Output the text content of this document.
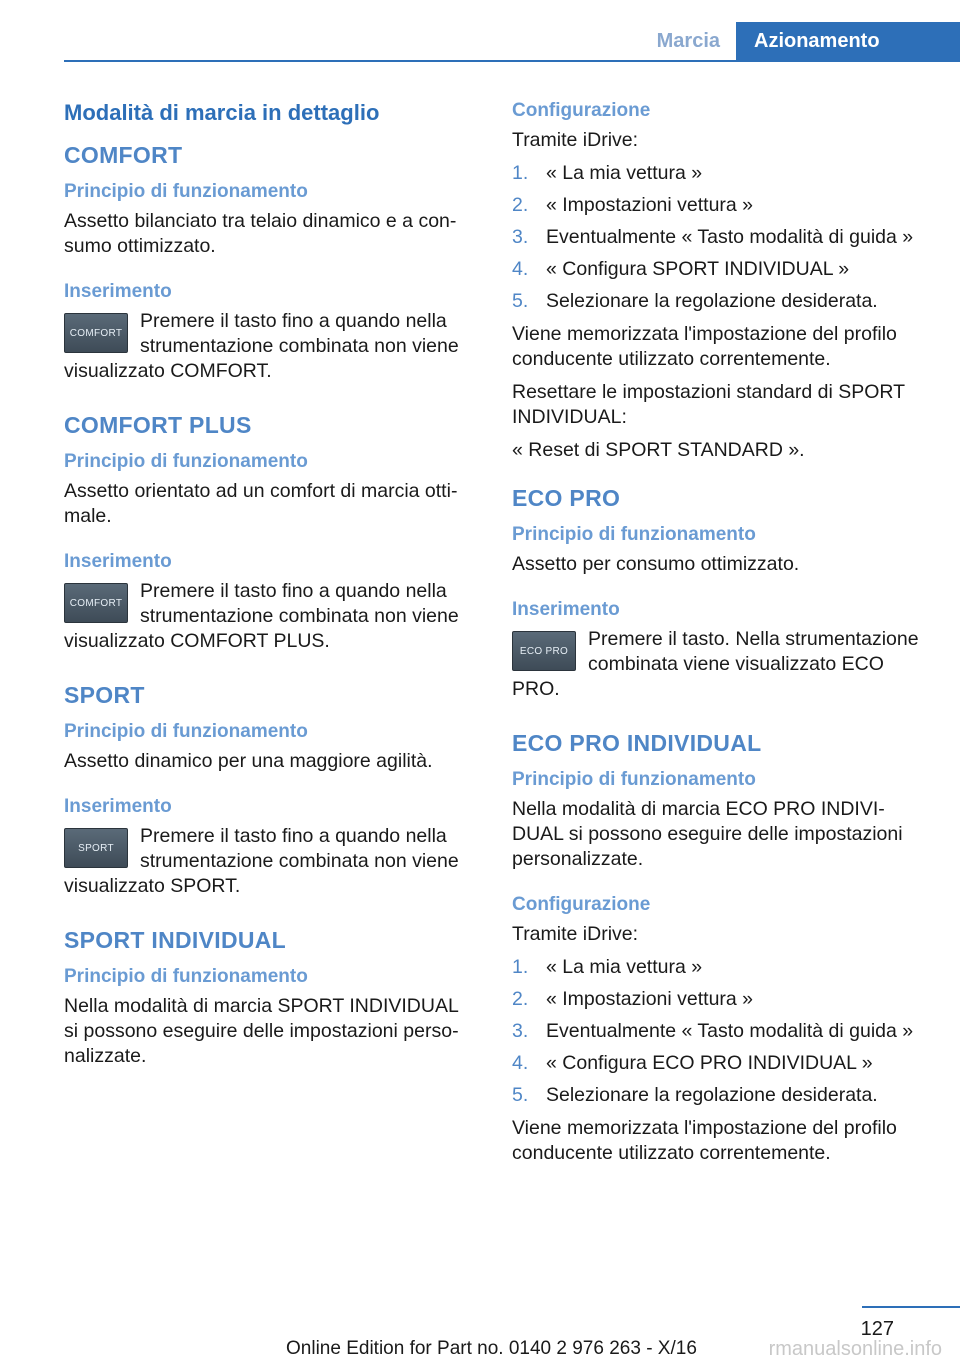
Marcia	Azionamento
Modalità di marcia in dettaglio
COMFORT
Principio di funzionamento
Assetto bilanciato tra telaio dinamico e a consumo ottimizzato.
Inserimento
COMFORT
Premere il tasto fino a quando nella strumentazione combinata non viene visualizzato COMFORT.
COMFORT PLUS
Principio di funzionamento
Assetto orientato ad un comfort di marcia ottimale.
Inserimento
COMFORT
Premere il tasto fino a quando nella strumentazione combinata non viene visualizzato COMFORT PLUS.
SPORT
Principio di funzionamento
Assetto dinamico per una maggiore agilità.
Inserimento
SPORT
Premere il tasto fino a quando nella strumentazione combinata non viene visualizzato SPORT.
SPORT INDIVIDUAL
Principio di funzionamento
Nella modalità di marcia SPORT INDIVIDUAL si possono eseguire delle impostazioni personalizzate.
Configurazione
Tramite iDrive:
1. « La mia vettura »
2. « Impostazioni vettura »
3. Eventualmente « Tasto modalità di guida »
4. « Configura SPORT INDIVIDUAL »
5. Selezionare la regolazione desiderata.
Viene memorizzata l'impostazione del profilo conducente utilizzato correntemente.
Resettare le impostazioni standard di SPORT INDIVIDUAL:
« Reset di SPORT STANDARD ».
ECO PRO
Principio di funzionamento
Assetto per consumo ottimizzato.
Inserimento
ECO PRO
Premere il tasto. Nella strumentazione combinata viene visualizzato ECO PRO.
ECO PRO INDIVIDUAL
Principio di funzionamento
Nella modalità di marcia ECO PRO INDIVIDUAL si possono eseguire delle impostazioni personalizzate.
Configurazione
Tramite iDrive:
1. « La mia vettura »
2. « Impostazioni vettura »
3. Eventualmente « Tasto modalità di guida »
4. « Configura ECO PRO INDIVIDUAL »
5. Selezionare la regolazione desiderata.
Viene memorizzata l'impostazione del profilo conducente utilizzato correntemente.
127
Online Edition for Part no. 0140 2 976 263 - X/16	rmanualsonline.info
